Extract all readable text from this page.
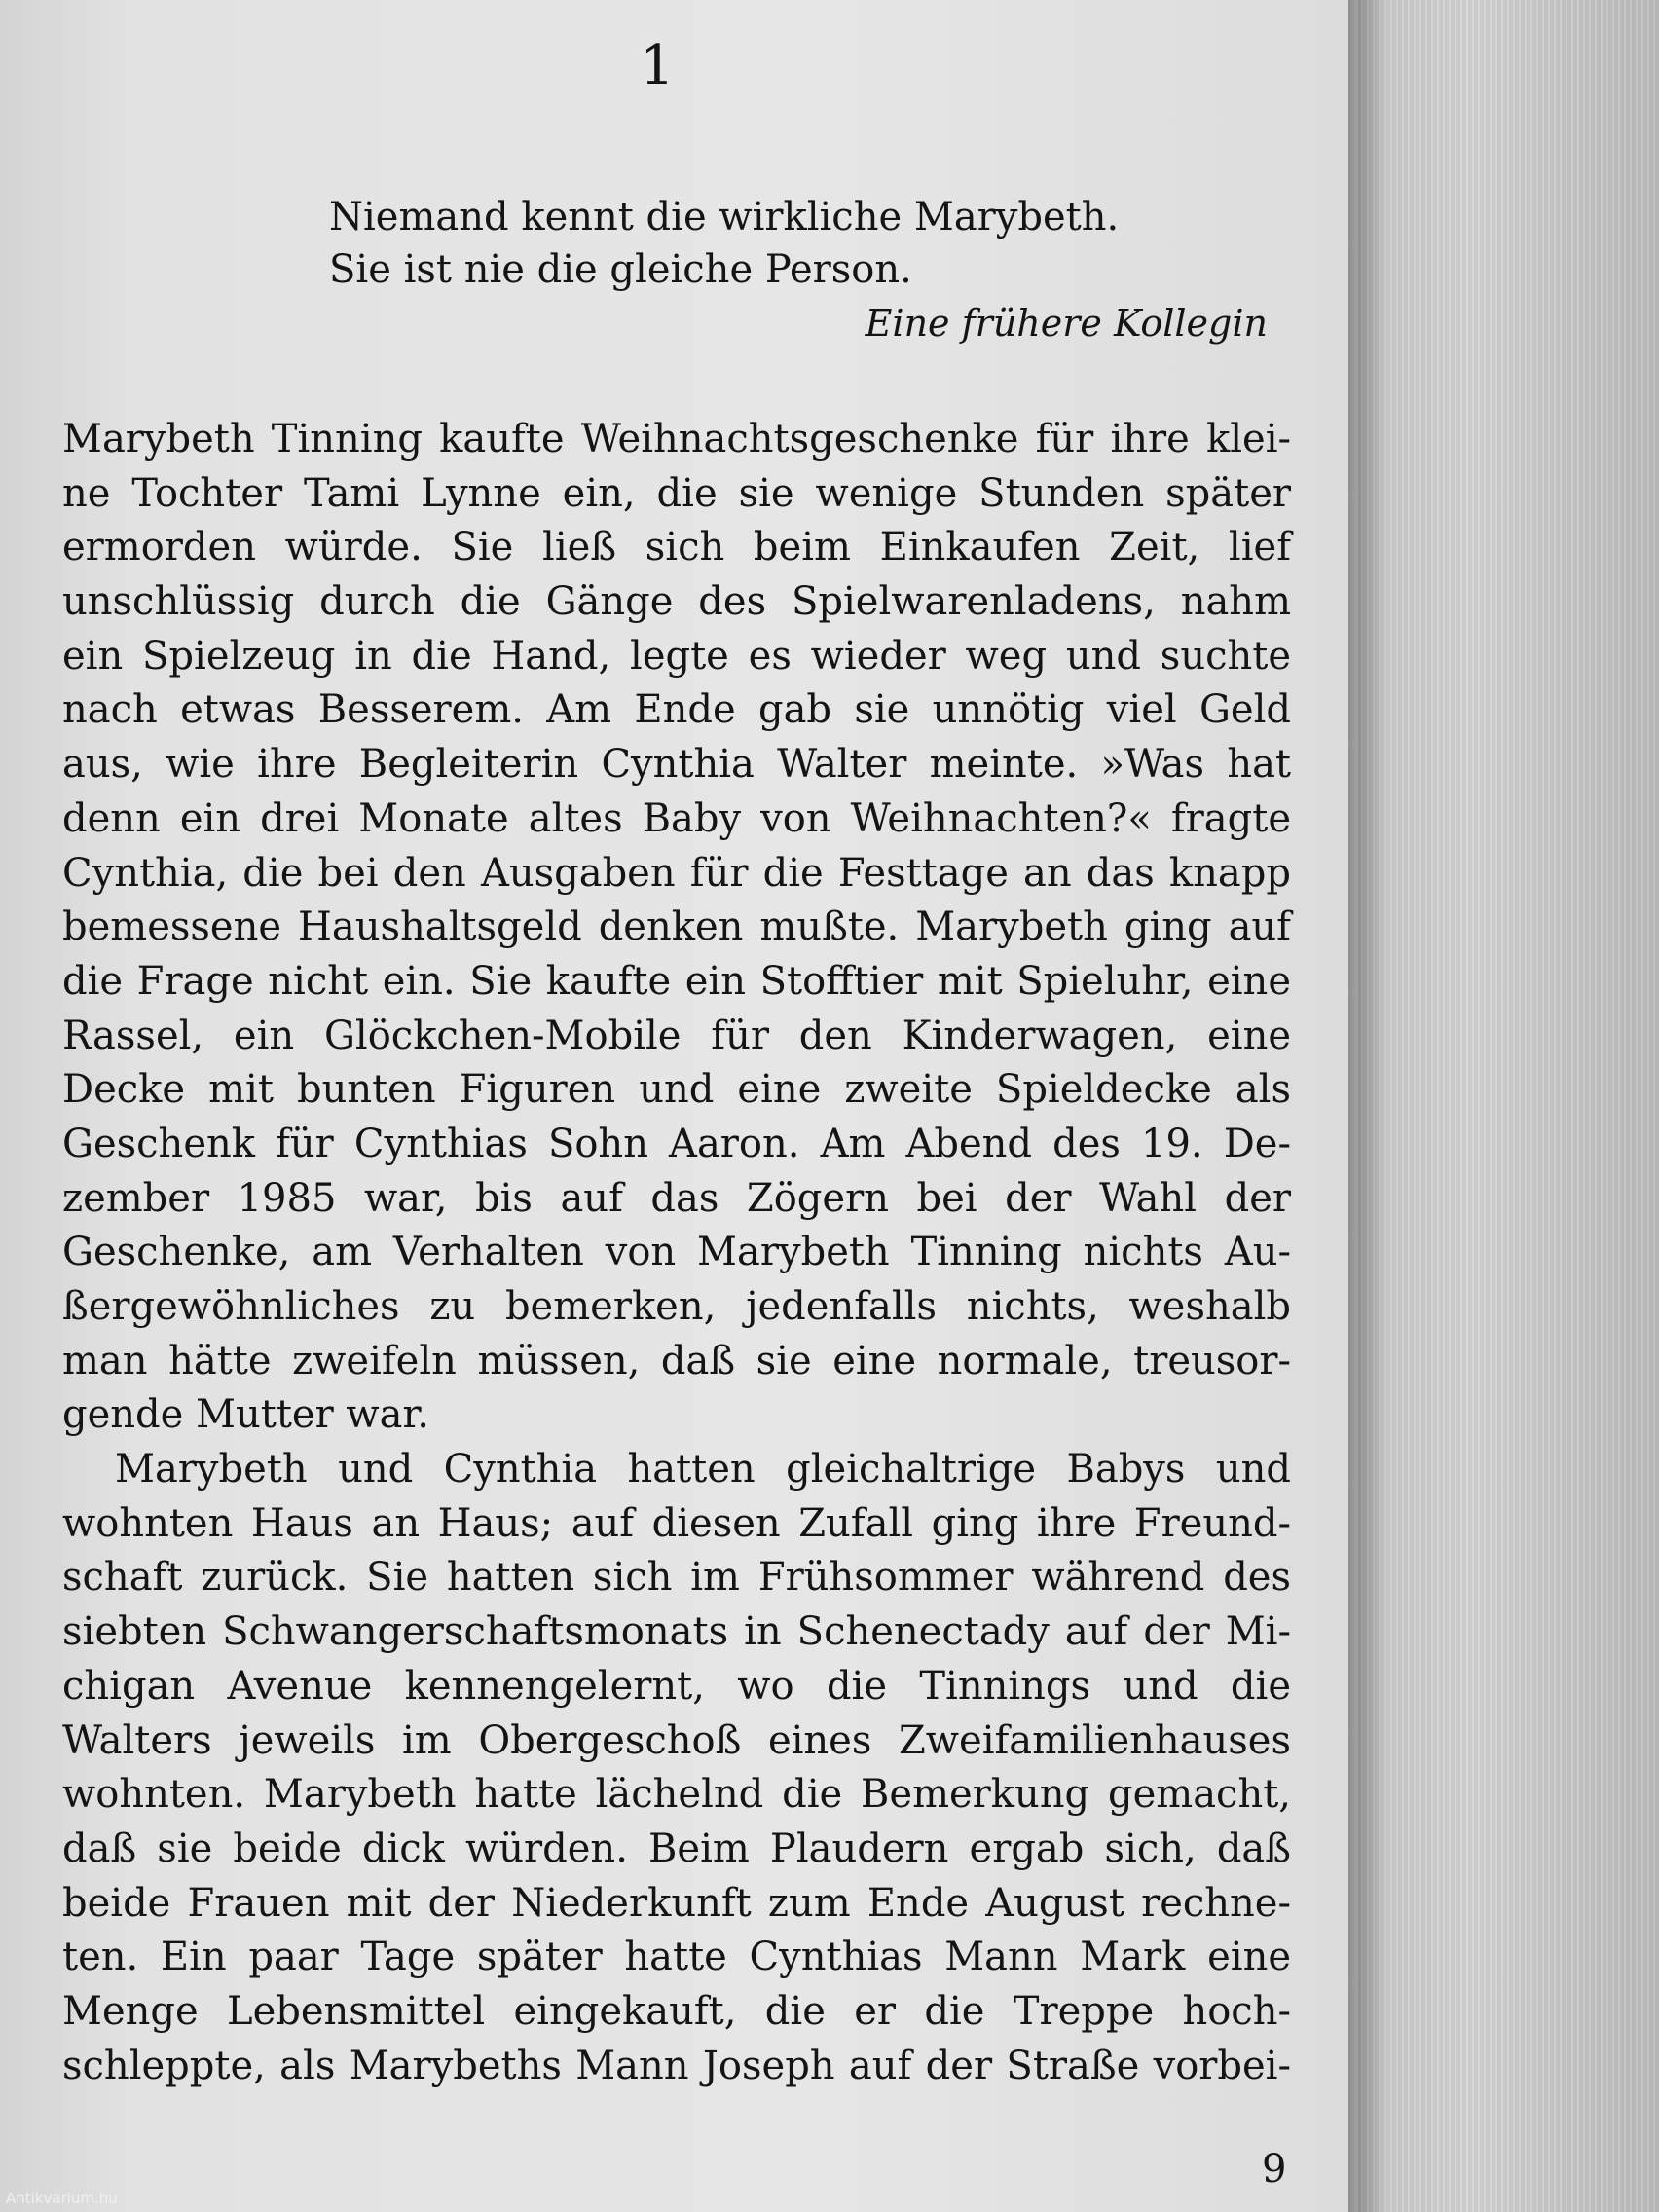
1
Niemand kennt die wirkliche Marybeth.
Sie ist nie die gleiche Person.
Eine frühere Kollegin
Marybeth Tinning kaufte Weihnachtsgeschenke für ihre klei-
ne Tochter Tami Lynne ein, die sie wenige Stunden später
ermorden würde. Sie ließ sich beim Einkaufen Zeit, lief
unschlüssig durch die Gänge des Spielwarenladens, nahm
ein Spielzeug in die Hand, legte es wieder weg und suchte
nach etwas Besserem. Am Ende gab sie unnötig viel Geld
aus, wie ihre Begleiterin Cynthia Walter meinte. »Was hat
denn ein drei Monate altes Baby von Weihnachten?« fragte
Cynthia, die bei den Ausgaben für die Festtage an das knapp
bemessene Haushaltsgeld denken mußte. Marybeth ging auf
die Frage nicht ein. Sie kaufte ein Stofftier mit Spieluhr, eine
Rassel, ein Glöckchen-Mobile für den Kinderwagen, eine
Decke mit bunten Figuren und eine zweite Spieldecke als
Geschenk für Cynthias Sohn Aaron. Am Abend des 19. De-
zember 1985 war, bis auf das Zögern bei der Wahl der
Geschenke, am Verhalten von Marybeth Tinning nichts Au-
ßergewöhnliches zu bemerken, jedenfalls nichts, weshalb
man hätte zweifeln müssen, daß sie eine normale, treusor-
gende Mutter war.
Marybeth und Cynthia hatten gleichaltrige Babys und
wohnten Haus an Haus; auf diesen Zufall ging ihre Freund-
schaft zurück. Sie hatten sich im Frühsommer während des
siebten Schwangerschaftsmonats in Schenectady auf der Mi-
chigan Avenue kennengelernt, wo die Tinnings und die
Walters jeweils im Obergeschoß eines Zweifamilienhauses
wohnten. Marybeth hatte lächelnd die Bemerkung gemacht,
daß sie beide dick würden. Beim Plaudern ergab sich, daß
beide Frauen mit der Niederkunft zum Ende August rechne-
ten. Ein paar Tage später hatte Cynthias Mann Mark eine
Menge Lebensmittel eingekauft, die er die Treppe hoch-
schleppte, als Marybeths Mann Joseph auf der Straße vorbei-
9
Antikvarium.hu
